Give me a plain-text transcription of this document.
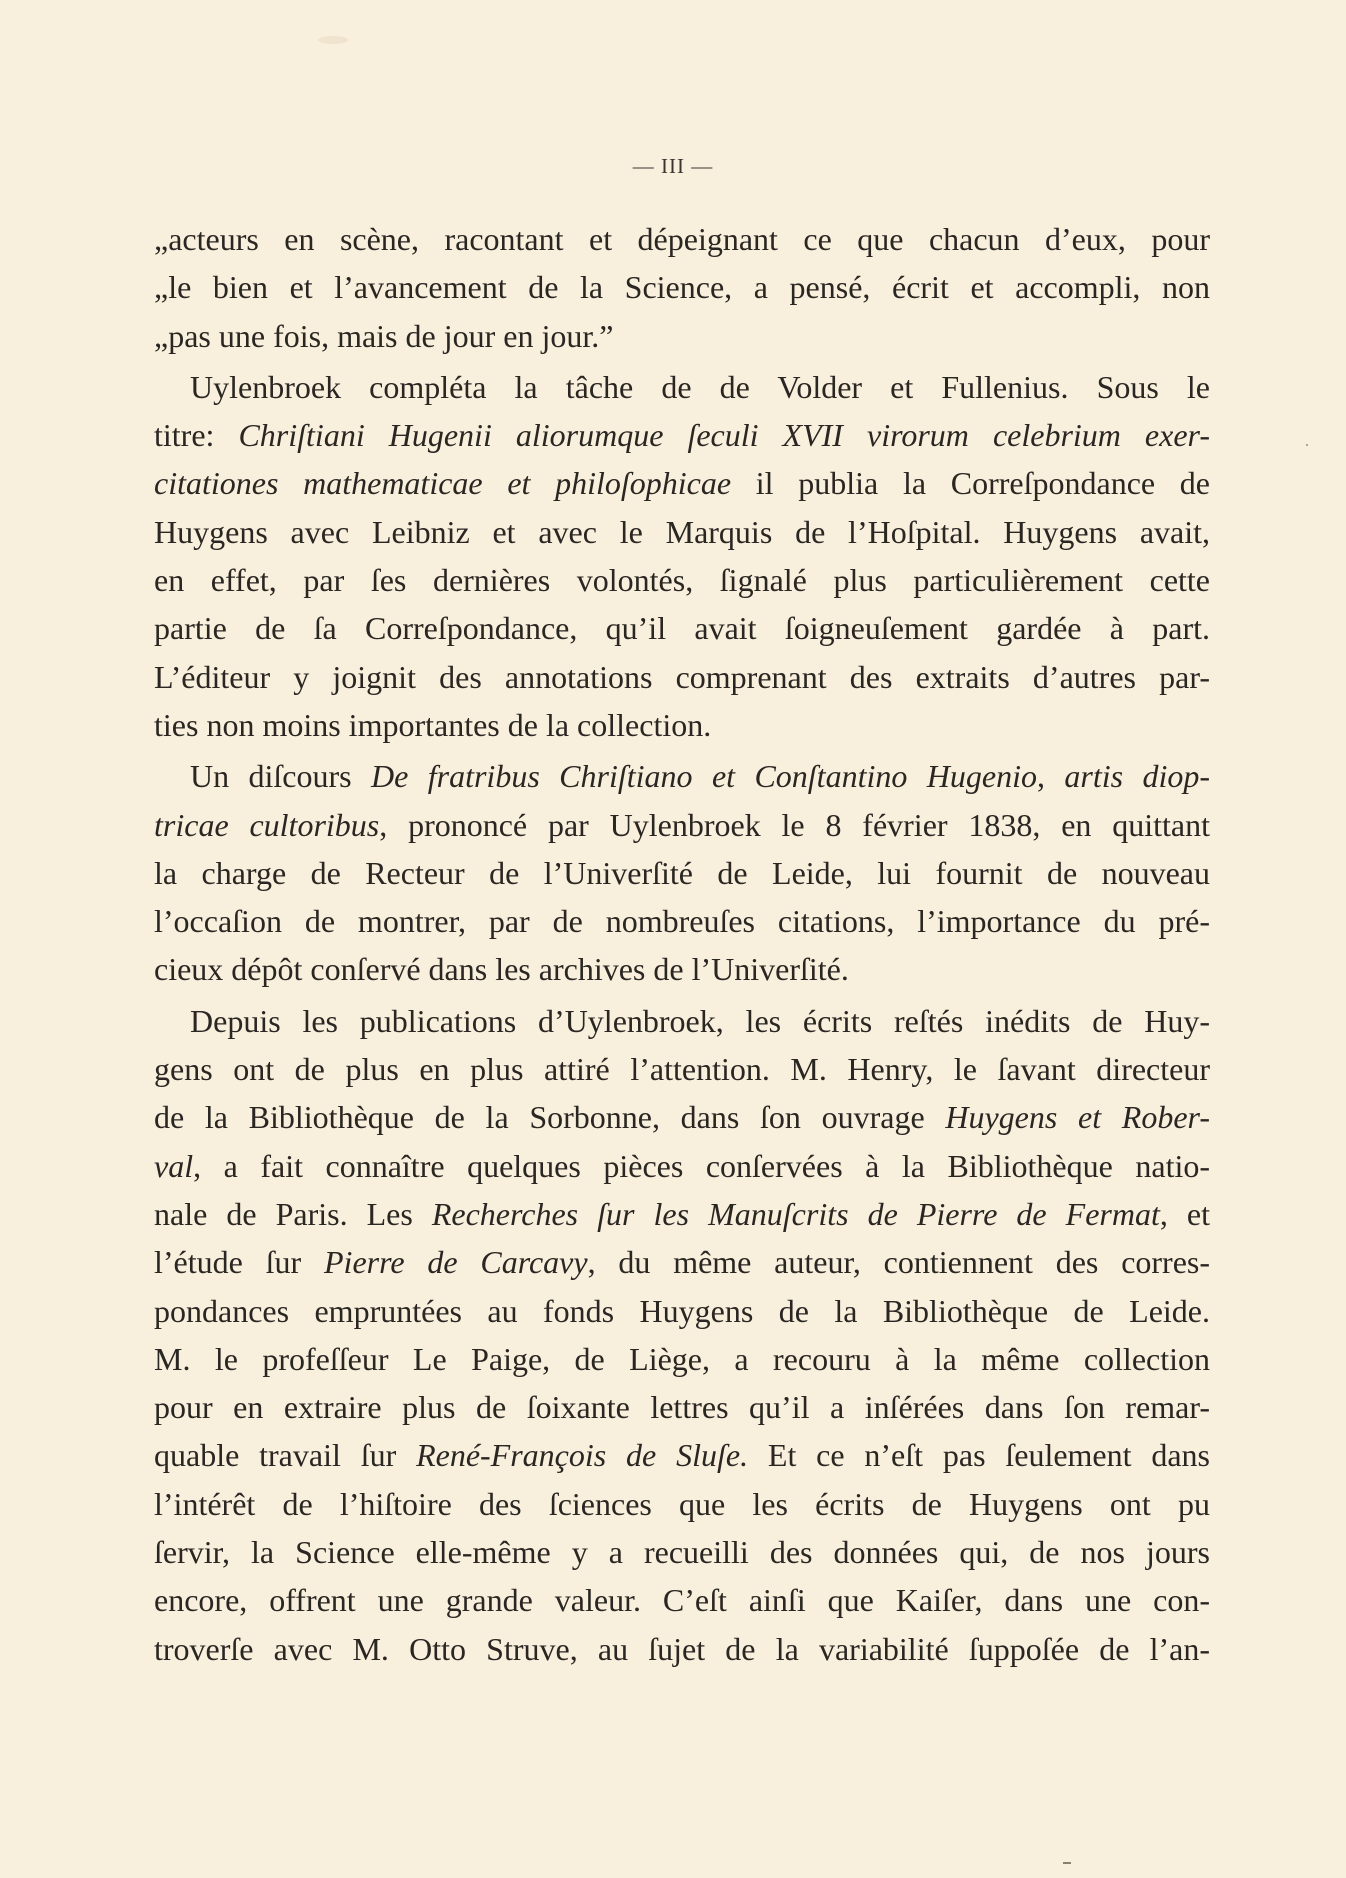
— III —
„acteurs en scène, racontant et dépeignant ce que chacun d’eux, pour
„le bien et l’avancement de la Science, a pensé, écrit et accompli, non
„pas une fois, mais de jour en jour.”
Uylenbroek compléta la tâche de de Volder et Fullenius. Sous le
titre: Chriſtiani Hugenii aliorumque ſeculi XVII virorum celebrium exer-
citationes mathematicae et philoſophicae il publia la Correſpondance de
Huygens avec Leibniz et avec le Marquis de l’Hoſpital. Huygens avait,
en effet, par ſes dernières volontés, ſignalé plus particulièrement cette
partie de ſa Correſpondance, qu’il avait ſoigneuſement gardée à part.
L’éditeur y joignit des annotations comprenant des extraits d’autres par-
ties non moins importantes de la collection.
Un diſcours De fratribus Chriſtiano et Conſtantino Hugenio, artis diop-
tricae cultoribus, prononcé par Uylenbroek le 8 février 1838, en quittant
la charge de Recteur de l’Univerſité de Leide, lui fournit de nouveau
l’occaſion de montrer, par de nombreuſes citations, l’importance du pré-
cieux dépôt conſervé dans les archives de l’Univerſité.
Depuis les publications d’Uylenbroek, les écrits reſtés inédits de Huy-
gens ont de plus en plus attiré l’attention. M. Henry, le ſavant directeur
de la Bibliothèque de la Sorbonne, dans ſon ouvrage Huygens et Rober-
val, a fait connaître quelques pièces conſervées à la Bibliothèque natio-
nale de Paris. Les Recherches ſur les Manuſcrits de Pierre de Fermat, et
l’étude ſur Pierre de Carcavy, du même auteur, contiennent des corres-
pondances empruntées au fonds Huygens de la Bibliothèque de Leide.
M. le profeſſeur Le Paige, de Liège, a recouru à la même collection
pour en extraire plus de ſoixante lettres qu’il a inſérées dans ſon remar-
quable travail ſur René-François de Sluſe. Et ce n’eſt pas ſeulement dans
l’intérêt de l’hiſtoire des ſciences que les écrits de Huygens ont pu
ſervir, la Science elle-même y a recueilli des données qui, de nos jours
encore, offrent une grande valeur. C’eſt ainſi que Kaiſer, dans une con-
troverſe avec M. Otto Struve, au ſujet de la variabilité ſuppoſée de l’an-
